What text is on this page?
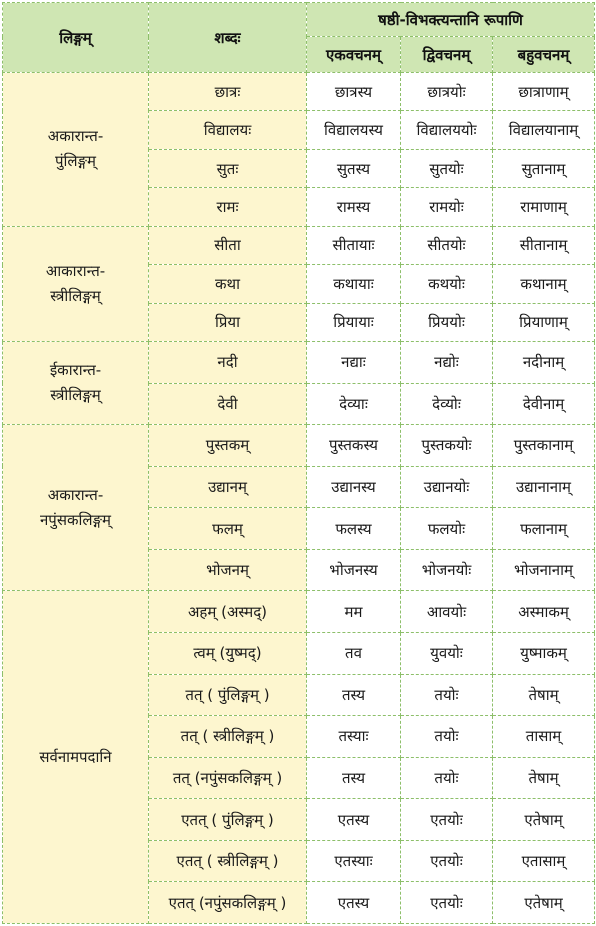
लिङ्गम्	शब्दः	षष्ठी-विभक्त्यन्तानि रूपाणि		
		एकवचनम्	द्विवचनम्	बहुवचनम्

अकारान्त-
पुंलिङ्गम्	छात्रः	छात्रस्य	छात्रयोः	छात्राणाम्
	विद्यालयः	विद्यालयस्य	विद्यालययोः	विद्यालयानाम्
	सुतः	सुतस्य	सुतयोः	सुतानाम्
	रामः	रामस्य	रामयोः	रामाणाम्

आकारान्त-
स्त्रीलिङ्गम्	सीता	सीतायाः	सीतयोः	सीतानाम्
	कथा	कथायाः	कथयोः	कथानाम्
	प्रिया	प्रियायाः	प्रिययोः	प्रियाणाम्

ईकारान्त-
स्त्रीलिङ्गम्	नदी	नद्याः	नद्योः	नदीनाम्
	देवी	देव्याः	देव्योः	देवीनाम्

अकारान्त-
नपुंसकलिङ्गम्	पुस्तकम्	पुस्तकस्य	पुस्तकयोः	पुस्तकानाम्
	उद्यानम्	उद्यानस्य	उद्यानयोः	उद्यानानाम्
	फलम्	फलस्य	फलयोः	फलानाम्
	भोजनम्	भोजनस्य	भोजनयोः	भोजनानाम्

सर्वनामपदानि	अहम् (अस्मद्)	मम	आवयोः	अस्माकम्
	त्वम् (युष्मद्)	तव	युवयोः	युष्माकम्
	तत् ( पुंलिङ्गम् )	तस्य	तयोः	तेषाम्
	तत् ( स्त्रीलिङ्गम् )	तस्याः	तयोः	तासाम्
	तत् (नपुंसकलिङ्गम् )	तस्य	तयोः	तेषाम्
	एतत् ( पुंलिङ्गम् )	एतस्य	एतयोः	एतेषाम्
	एतत् ( स्त्रीलिङ्गम् )	एतस्याः	एतयोः	एतासाम्
	एतत् (नपुंसकलिङ्गम् )	एतस्य	एतयोः	एतेषाम्
